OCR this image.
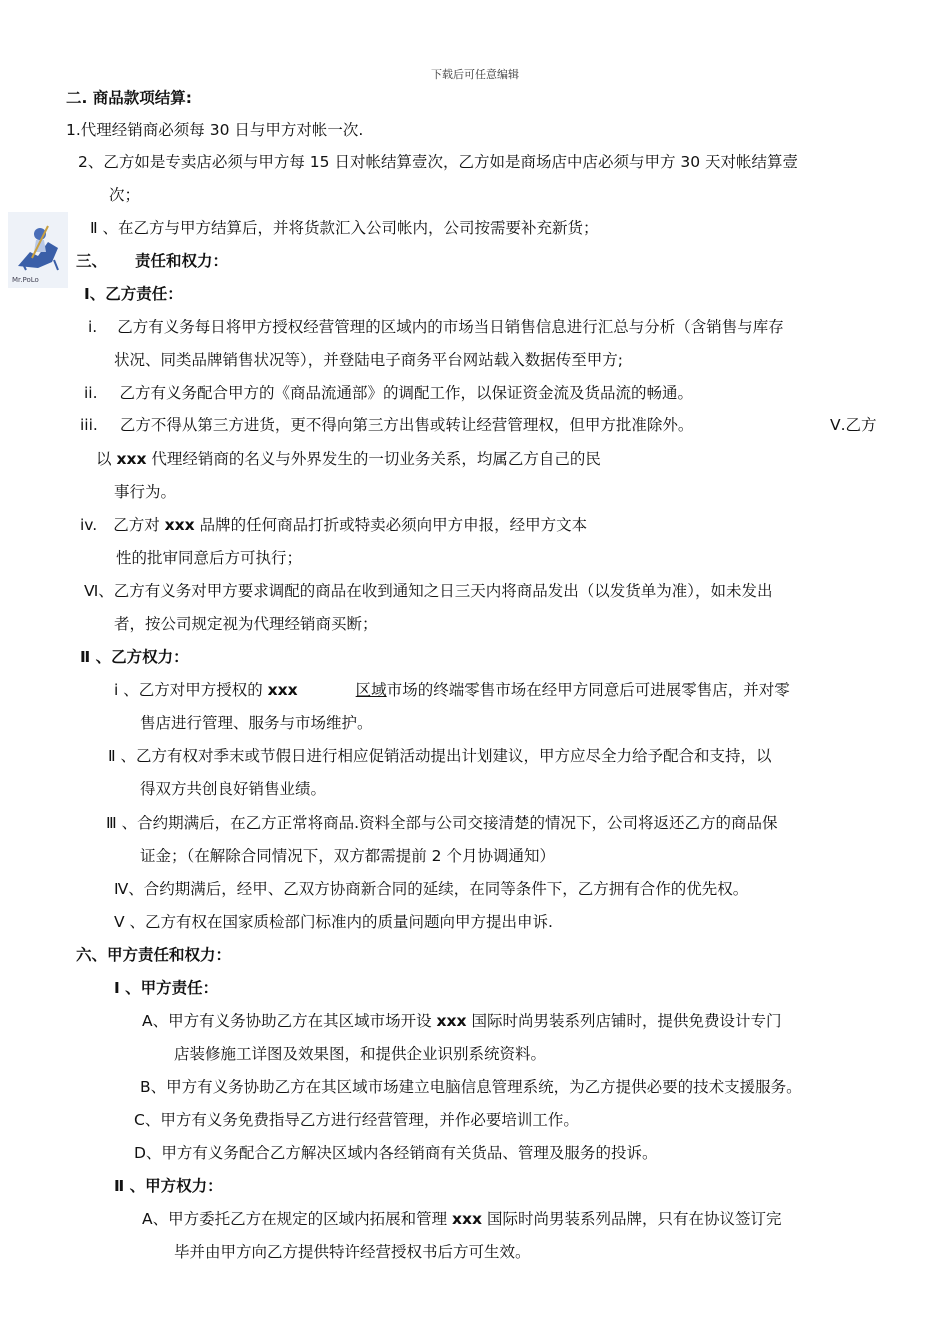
下载后可任意编辑
Mr.PoLo
二. 商品款项结算:
1.代理经销商必须每 30 日与甲方对帐一次.
2、乙方如是专卖店必须与甲方每 15 日对帐结算壹次，乙方如是商场店中店必须与甲方 30 天对帐结算壹
次；
Ⅱ 、在乙方与甲方结算后，并将货款汇入公司帐内，公司按需要补充新货；
三、 责任和权力：
Ⅰ、乙方责任：
i. 乙方有义务每日将甲方授权经营管理的区域内的市场当日销售信息进行汇总与分析（含销售与库存
状况、同类品牌销售状况等），并登陆电子商务平台网站载入数据传至甲方;
ii. 乙方有义务配合甲方的《商品流通部》的调配工作，以保证资金流及货品流的畅通。
iii. 乙方不得从第三方进货，更不得向第三方出售或转让经营管理权，但甲方批准除外。	Ⅴ.乙方
以 xxx 代理经销商的名义与外界发生的一切业务关系，均属乙方自己的民
事行为。
iv. 乙方对 xxx 品牌的任何商品打折或特卖必须向甲方申报，经甲方文本
性的批审同意后方可执行；
Ⅵ、乙方有义务对甲方要求调配的商品在收到通知之日三天内将商品发出（以发货单为准），如未发出
者，按公司规定视为代理经销商买断；
Ⅱ 、乙方权力：
ⅰ 、乙方对甲方授权的 xxx	区域市场的终端零售市场在经甲方同意后可进展零售店，并对零
售店进行管理、服务与市场维护。
Ⅱ 、乙方有权对季末或节假日进行相应促销活动提出计划建议，甲方应尽全力给予配合和支持，以
得双方共创良好销售业绩。
Ⅲ 、合约期满后，在乙方正常将商品.资料全部与公司交接清楚的情况下，公司将返还乙方的商品保
证金；（在解除合同情况下，双方都需提前 2 个月协调通知）
Ⅳ、合约期满后，经甲、乙双方协商新合同的延续，在同等条件下，乙方拥有合作的优先权。
Ⅴ 、乙方有权在国家质检部门标准内的质量问题向甲方提出申诉.
六、甲方责任和权力：
Ⅰ 、甲方责任：
A、甲方有义务协助乙方在其区域市场开设 xxx 国际时尚男装系列店铺时，提供免费设计专门
店装修施工详图及效果图，和提供企业识别系统资料。
B、甲方有义务协助乙方在其区域市场建立电脑信息管理系统，为乙方提供必要的技术支援服务。
C、甲方有义务免费指导乙方进行经营管理，并作必要培训工作。
D、甲方有义务配合乙方解决区域内各经销商有关货品、管理及服务的投诉。
Ⅱ 、甲方权力：
A、甲方委托乙方在规定的区域内拓展和管理 xxx 国际时尚男装系列品牌，只有在协议签订完
毕并由甲方向乙方提供特许经营授权书后方可生效。
